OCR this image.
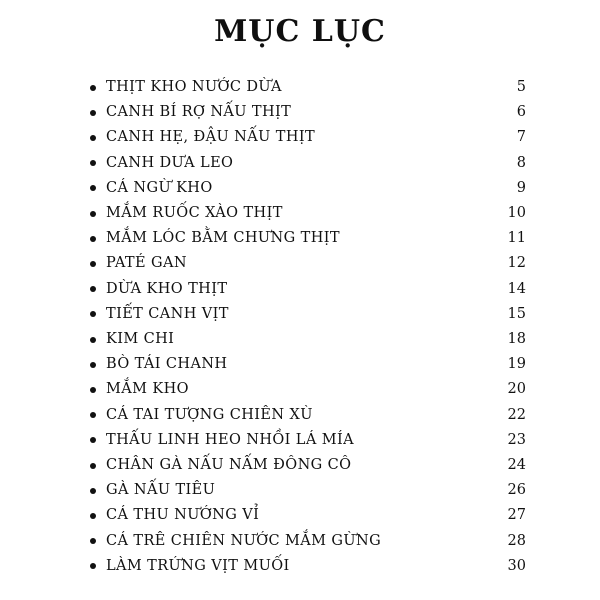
MỤC LỤC
THỊT KHO NƯỚC DỪA	5
CANH BÍ RỢ NẤU THỊT	6
CANH HẸ, ĐẬU NẤU THỊT	7
CANH DƯA LEO	8
CÁ NGỪ KHO	9
MẮM RUỐC XÀO THỊT	10
MẮM LÓC BẰM CHƯNG THỊT	11
PATÉ GAN	12
DỪA KHO THỊT	14
TIẾT CANH VỊT	15
KIM CHI	18
BÒ TÁI CHANH	19
MẮM KHO	20
CÁ TAI TƯỢNG CHIÊN XÙ	22
THẤU LINH HEO NHỒI LÁ MÍA	23
CHÂN GÀ NẤU NẤM ĐÔNG CÔ	24
GÀ NẤU TIÊU	26
CÁ THU NƯỚNG VỈ	27
CÁ TRÊ CHIÊN NƯỚC MẮM GỪNG	28
LÀM TRỨNG VỊT MUỐI	30
